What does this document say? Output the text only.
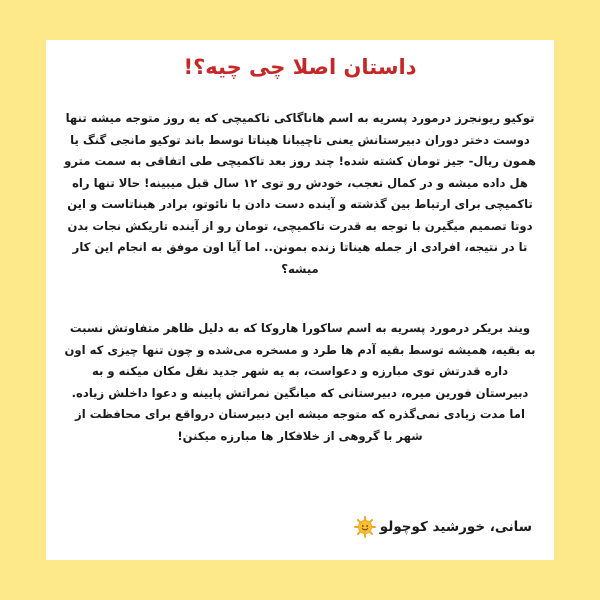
داستان اصلا چی چیه؟!

توکیو ریونجرز درمورد پسریه به اسم هاناگاکی تاکمیچی که یه روز متوجه میشه تنها دوست دختر دوران دبیرستانش یعنی تاچیبانا هیناتا توسط باند توکیو مانجی گنگ یا همون ریال- جیز تومان کشته شده! چند روز بعد تاکمیچی طی اتفاقی به سمت مترو هل داده میشه و در کمال تعجب، خودش رو توی ۱۲ سال قبل میبینه! حالا تنها راه تاکمیچی برای ارتباط بین گذشته و آینده دست دادن با نائوتو، برادر هیناتاست و این دوتا تصمیم میگیرن با توجه به قدرت تاکمیچی، تومان رو از آینده تاریکش نجات بدن تا در نتیجه، افرادی از جمله هیناتا زنده بمونن.. اما آیا اون موفق به انجام این کار میشه؟

ویند بریکر درمورد پسریه به اسم ساکورا هاروکا که به دلیل ظاهر متفاوتش نسبت به بقیه، همیشه توسط بقیه آدم ها طرد و مسخره می‌شده و چون تنها چیزی که اون داره قدرتش توی مبارزه و دعواست، به یه شهر جدید نقل مکان میکنه و به دبیرستان فورین میره، دبیرستانی که میانگین نمراتش پایینه و دعوا داخلش زیاده. اما مدت زیادی نمی‌گذره که متوجه میشه این دبیرستان درواقع برای محافظت از شهر با گروهی از خلافکار ها مبارزه میکنن!

سانی، خورشید کوچولو
